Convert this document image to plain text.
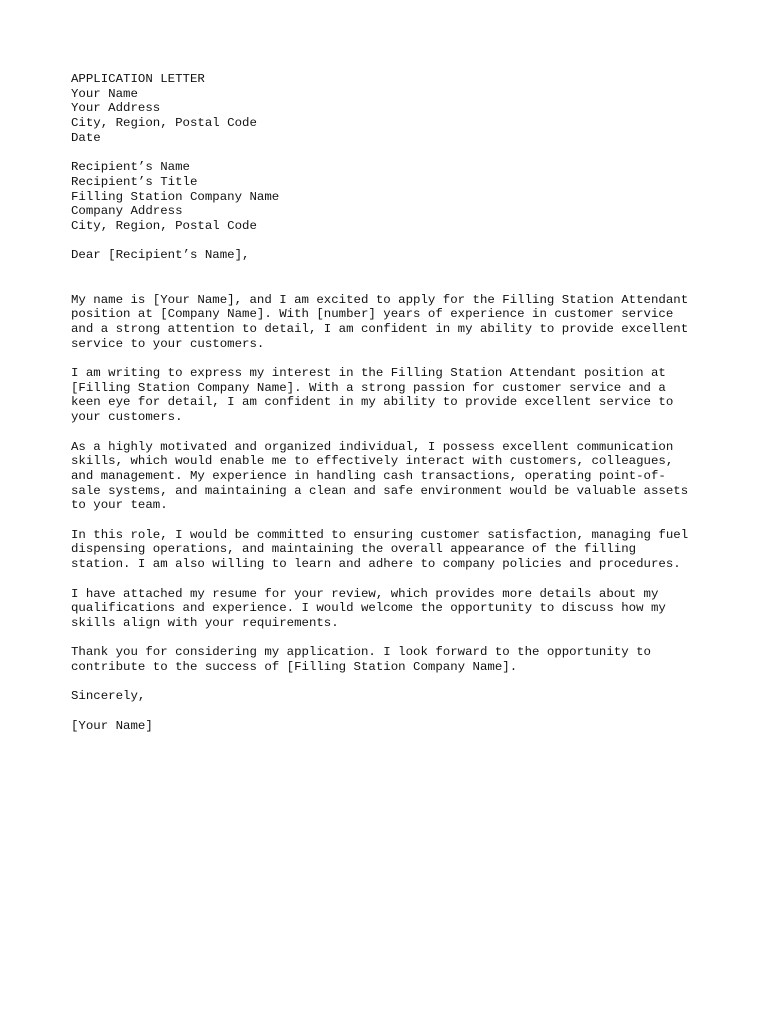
APPLICATION LETTER
Your Name
Your Address
City, Region, Postal Code
Date
Recipient’s Name
Recipient’s Title
Filling Station Company Name
Company Address
City, Region, Postal Code
Dear [Recipient’s Name],
My name is [Your Name], and I am excited to apply for the Filling Station Attendant
position at [Company Name]. With [number] years of experience in customer service
and a strong attention to detail, I am confident in my ability to provide excellent
service to your customers.
I am writing to express my interest in the Filling Station Attendant position at
[Filling Station Company Name]. With a strong passion for customer service and a
keen eye for detail, I am confident in my ability to provide excellent service to
your customers.
As a highly motivated and organized individual, I possess excellent communication
skills, which would enable me to effectively interact with customers, colleagues,
and management. My experience in handling cash transactions, operating point-of-
sale systems, and maintaining a clean and safe environment would be valuable assets
to your team.
In this role, I would be committed to ensuring customer satisfaction, managing fuel
dispensing operations, and maintaining the overall appearance of the filling
station. I am also willing to learn and adhere to company policies and procedures.
I have attached my resume for your review, which provides more details about my
qualifications and experience. I would welcome the opportunity to discuss how my
skills align with your requirements.
Thank you for considering my application. I look forward to the opportunity to
contribute to the success of [Filling Station Company Name].
Sincerely,
[Your Name]
